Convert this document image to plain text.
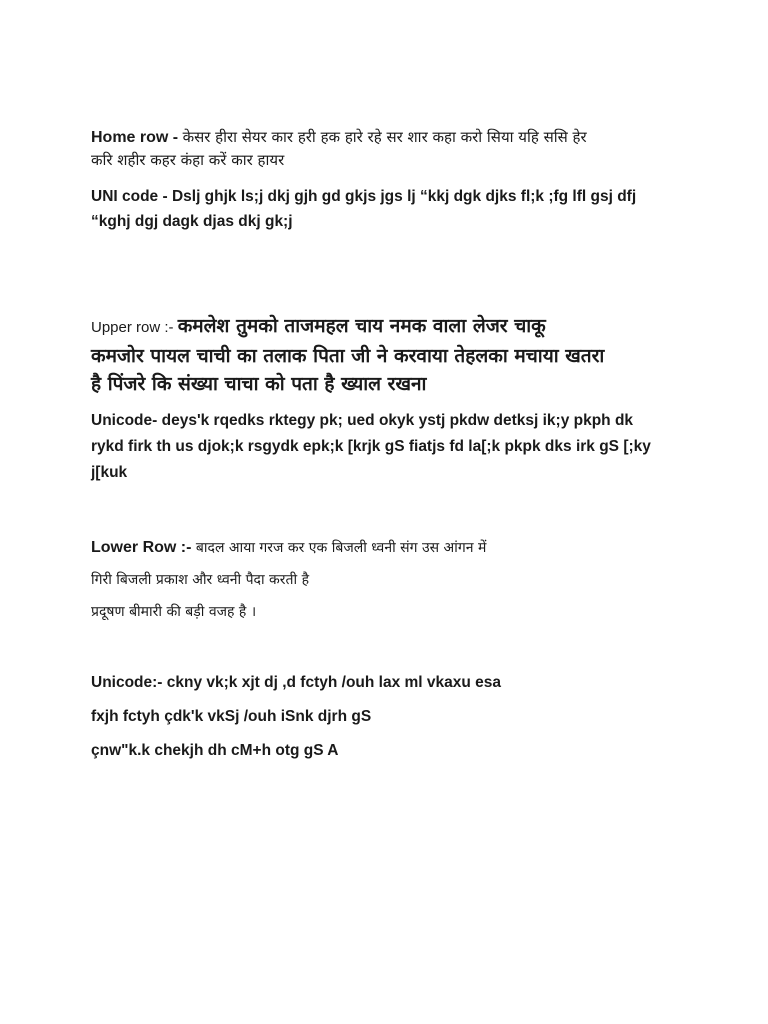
Home row - केसर हीरा सेयर कार हरी हक हारे रहे सर शार कहा करो सिया यहि ससि हेर
करि शहीर कहर कंहा करें कार हायर
UNI code - Dslj ghjk ls;j dkj gjh gd gkjs jgs lj “kkj dgk djks fl;k ;fg lfl gsj dfj
“kghj dgj dagk djas dkj gk;j
Upper row :- कमलेश तुमको ताजमहल चाय नमक वाला लेजर चाकू
कमजोर पायल चाची का तलाक पिता जी ने करवाया तेहलका मचाया खतरा
है पिंजरे कि संख्या चाचा को पता है ख्याल रखना
Unicode- deys'k rqedks rktegy pk; ued okyk ystj pkdw detksj ik;y pkph dk
rykd firk th us djok;k rsgydk epk;k [krjk gS fiatjs fd la[;k pkpk dks irk gS [;ky
j[kuk
Lower Row :- बादल आया गरज कर एक बिजली ध्वनी संग उस आंगन में
गिरी बिजली प्रकाश और ध्वनी पैदा करती है
प्रदूषण बीमारी की बड़ी वजह है ।
Unicode:- ckny vk;k xjt dj ,d fctyh /ouh lax ml vkaxu esa
fxjh fctyh çdk'k vkSj /ouh iSnk djrh gS
çnw"k.k chekjh dh cM+h otg gS A
